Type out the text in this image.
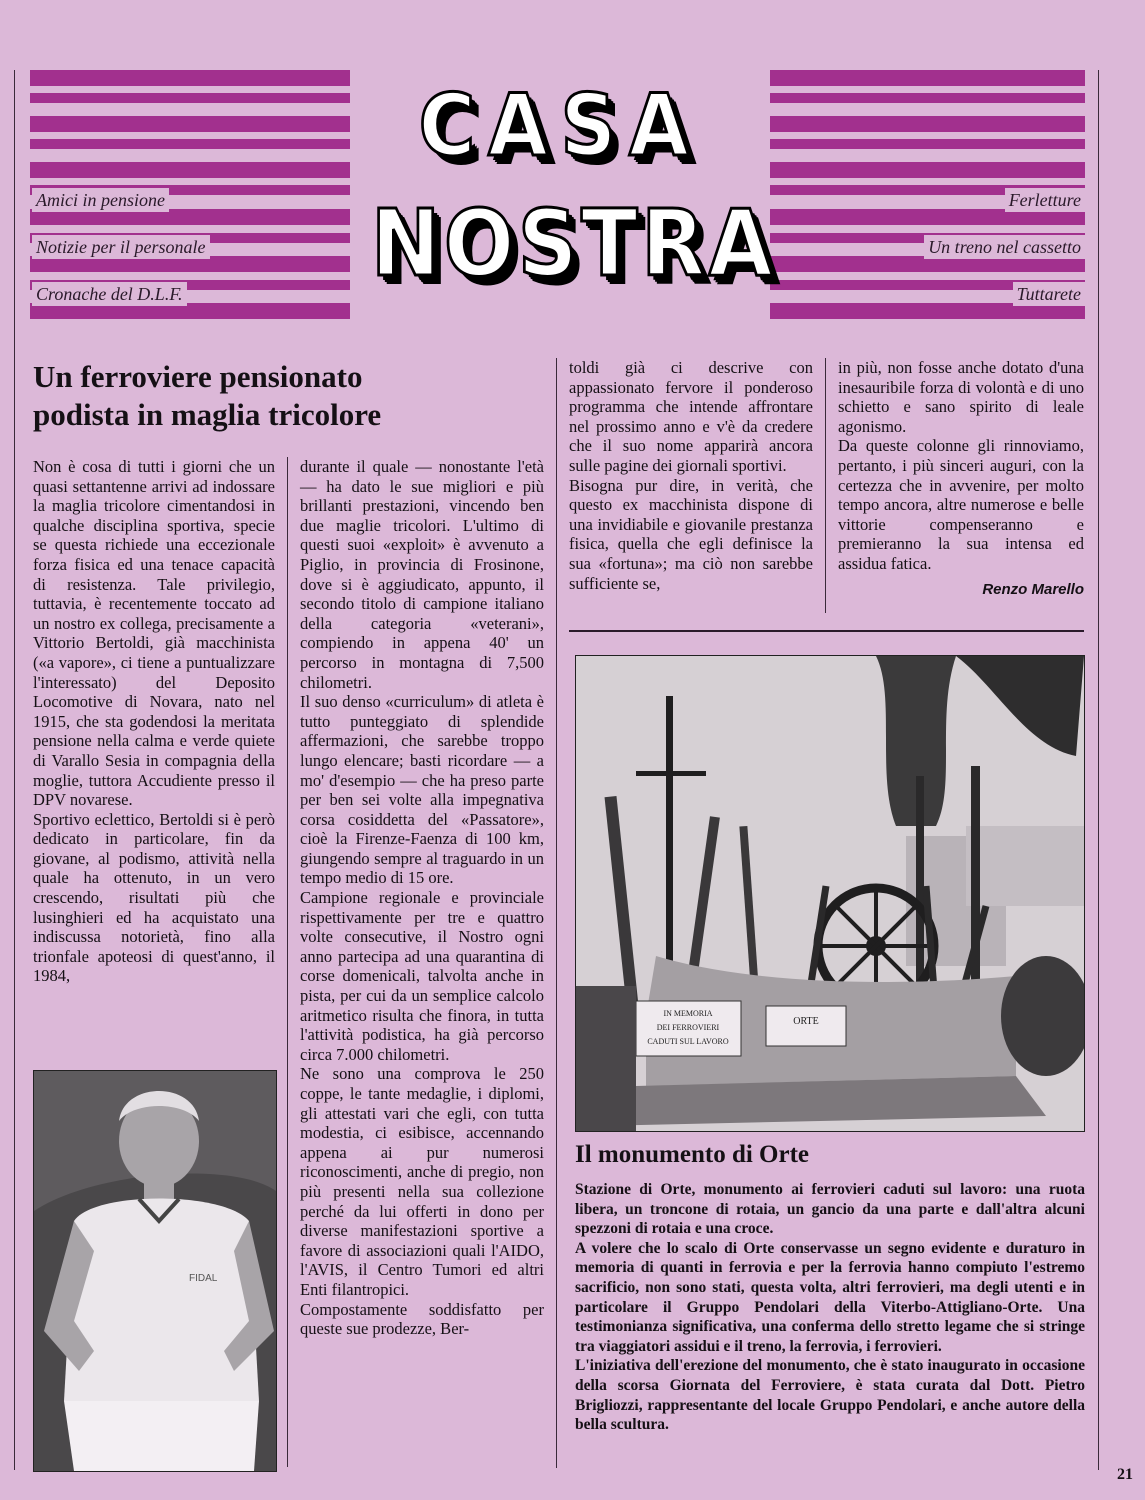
Amici in pensione
Notizie per il personale
Cronache del D.L.F.
Ferletture
Un treno nel cassetto
Tuttarete
CASA
NOSTRA
Un ferroviere pensionato podista in maglia tricolore

Non è cosa di tutti i giorni che un quasi settantenne arrivi ad indossare la maglia tricolore cimentandosi in qualche disciplina sportiva, specie se questa richiede una eccezionale forza fisica ed una tenace capacità di resistenza. Tale privilegio, tuttavia, è recentemente toccato ad un nostro ex collega, precisamente a Vittorio Bertoldi, già macchinista («a vapore», ci tiene a puntualizzare l'interessato) del Deposito Locomotive di Novara, nato nel 1915, che sta godendosi la meritata pensione nella calma e verde quiete di Varallo Sesia in compagnia della moglie, tuttora Accudiente presso il DPV novarese.

Sportivo eclettico, Bertoldi si è però dedicato in particolare, fin da giovane, al podismo, attività nella quale ha ottenuto, in un vero crescendo, risultati più che lusinghieri ed ha acquistato una indiscussa notorietà, fino alla trionfale apoteosi di quest'anno, il 1984,

durante il quale — nonostante l'età — ha dato le sue migliori e più brillanti prestazioni, vincendo ben due maglie tricolori. L'ultimo di questi suoi «exploit» è avvenuto a Piglio, in provincia di Frosinone, dove si è aggiudicato, appunto, il secondo titolo di campione italiano della categoria «veterani», compiendo in appena 40' un percorso in montagna di 7,500 chilometri.

Il suo denso «curriculum» di atleta è tutto punteggiato di splendide affermazioni, che sarebbe troppo lungo elencare; basti ricordare — a mo' d'esempio — che ha preso parte per ben sei volte alla impegnativa corsa cosiddetta del «Passatore», cioè la Firenze-Faenza di 100 km, giungendo sempre al traguardo in un tempo medio di 15 ore.

Campione regionale e provinciale rispettivamente per tre e quattro volte consecutive, il Nostro ogni anno partecipa ad una quarantina di corse domenicali, talvolta anche in pista, per cui da un semplice calcolo aritmetico risulta che finora, in tutta l'attività podistica, ha già percorso circa 7.000 chilometri.

Ne sono una comprova le 250 coppe, le tante medaglie, i diplomi, gli attestati vari che egli, con tutta modestia, ci esibisce, accennando appena ai pur numerosi riconoscimenti, anche di pregio, non più presenti nella sua collezione perché da lui offerti in dono per diverse manifestazioni sportive a favore di associazioni quali l'AIDO, l'AVIS, il Centro Tumori ed altri Enti filantropici.

Compostamente soddisfatto per queste sue prodezze, Ber-

toldi già ci descrive con appassionato fervore il ponderoso programma che intende affrontare nel prossimo anno e v'è da credere che il suo nome apparirà ancora sulle pagine dei giornali sportivi.

Bisogna pur dire, in verità, che questo ex macchinista dispone di una invidiabile e giovanile prestanza fisica, quella che egli definisce la sua «fortuna»; ma ciò non sarebbe sufficiente se,

in più, non fosse anche dotato d'una inesauribile forza di volontà e di uno schietto e sano spirito di leale agonismo.

Da queste colonne gli rinnoviamo, pertanto, i più sinceri auguri, con la certezza che in avvenire, per molto tempo ancora, altre numerose e belle vittorie compenseranno e premieranno la sua intensa ed assidua fatica.

Renzo Marello
IN MEMORIA
DEI FERROVIERI
CADUTI SUL LAVORO
ORTE
FIDAL
Il monumento di Orte

Stazione di Orte, monumento ai ferrovieri caduti sul lavoro: una ruota libera, un troncone di rotaia, un gancio da una parte e dall'altra alcuni spezzoni di rotaia e una croce.

A volere che lo scalo di Orte conservasse un segno evidente e duraturo in memoria di quanti in ferrovia e per la ferrovia hanno compiuto l'estremo sacrificio, non sono stati, questa volta, altri ferrovieri, ma degli utenti e in particolare il Gruppo Pendolari della Viterbo-Attigliano-Orte. Una testimonianza significativa, una conferma dello stretto legame che si stringe tra viaggiatori assidui e il treno, la ferrovia, i ferrovieri.

L'iniziativa dell'erezione del monumento, che è stato inaugurato in occasione della scorsa Giornata del Ferroviere, è stata curata dal Dott. Pietro Brigliozzi, rappresentante del locale Gruppo Pendolari, e anche autore della bella scultura.

21
